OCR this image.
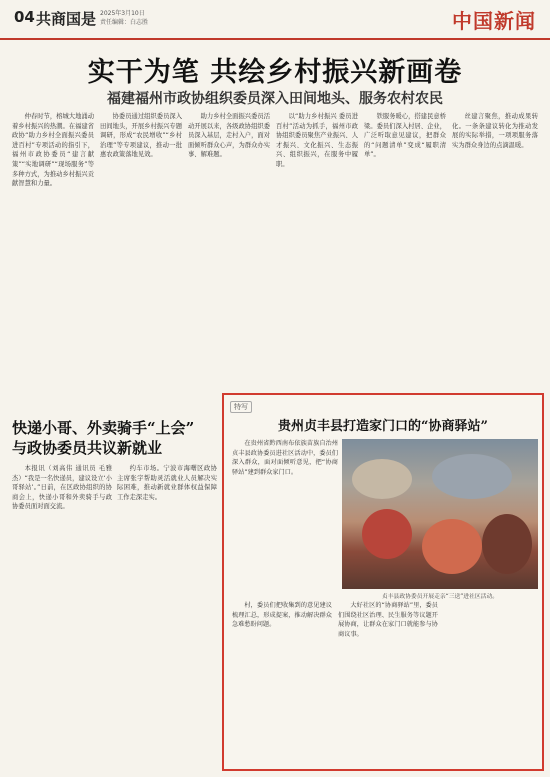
04 共商国是 2025年3月10日
责任编辑：白志胜	中国新闻
实干为笔 共绘乡村振兴新画卷
福建福州市政协组织委员深入田间地头、服务农村农民

仲春时节，榕城大地涌动着乡村振兴的热潮。在福建省政协“助力乡村全面振兴委员进百村”专项活动的指引下，福州市政协委员“建言献策”“实地调研”“现场服务”等多种方式，为推动乡村振兴贡献智慧和力量。

协委员通过组织委员深入田间地头，开展乡村振兴专题调研，形成“农民增收”“乡村治理”等专项建议，推动一批惠农政策落地见效。

助力乡村全面振兴委员活动开展以来，各级政协组织委员深入基层，走村入户，面对面倾听群众心声，为群众办实事、解难题。

以“助力乡村振兴 委员进百村”活动为抓手，福州市政协组织委员聚焦产业振兴、人才振兴、文化振兴、生态振兴、组织振兴，在服务中履职。

铁服务暖心，搭建民意桥梁。委员们深入村居、企业，广泛听取意见建议，把群众的“问题清单”变成“履职清单”。

丝建言聚焦，推动成果转化。一条条建议转化为推动发展的实际举措，一项项服务落实为群众身边的点滴温暖。

快递小哥、外卖骑手“上会”
与政协委员共议新就业

本报讯（刘高伟 通讯员 毛雅杰）“我是一名快递员，建议设立‘小哥驿站’。”日前，在区政协组织的协商会上，快递小哥和外卖骑手与政协委员面对面交流。

约车市场。宁波市海曙区政协主席张宇帮助灵活就业人员解决实际困难，推动新就业群体权益保障工作走深走实。

特写
贵州贞丰县打造家门口的“协商驿站”

在贵州省黔西南布依族苗族自治州贞丰县政协委员进社区活动中，委员们深入群众，面对面倾听意见，把“协商驿站”建到群众家门口。

贞丰县政协委员开展走亲“三送”进社区活动。

村，委员们把收集到的意见建议梳理汇总，形成提案，推动解决群众急难愁盼问题。

大好社区的“协商驿站”里，委员们围绕社区治理、民生服务等议题开展协商，让群众在家门口就能参与协商议事。
